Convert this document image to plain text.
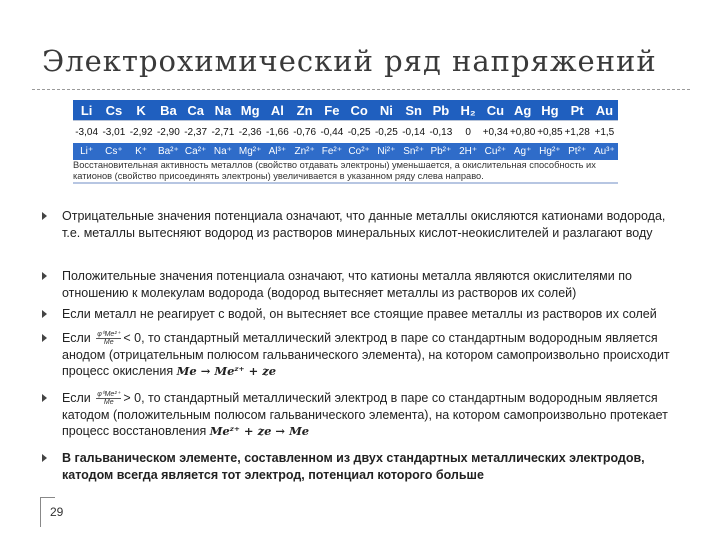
Электрохимический ряд напряжений
Li	Cs	K	Ba	Ca	Na	Mg	Al	Zn	Fe	Co	Ni	Sn	Pb	H₂	Cu	Ag	Hg	Pt	Au
-3,04	-3,01	-2,92	-2,90	-2,37	-2,71	-2,36	-1,66	-0,76	-0,44	-0,25	-0,25	-0,14	-0,13	0	+0,34	+0,80	+0,85	+1,28	+1,5
Li⁺	Cs⁺	K⁺	Ba²⁺	Ca²⁺	Na⁺	Mg²⁺	Al³⁺	Zn²⁺	Fe²⁺	Co²⁺	Ni²⁺	Sn²⁺	Pb²⁺	2H⁺	Cu²⁺	Ag⁺	Hg²⁺	Pt²⁺	Au³⁺
Восстановительная активность металлов (свойство отдавать электроны) уменьшается, а окислительная способность их катионов (свойство присоединять электроны) увеличивается в указанном ряду слева направо.																			
Отрицательные значения потенциала означают, что данные металлы окисляются катионами водорода, т.е. металлы вытесняют водород из растворов минеральных кислот-неокислителей и разлагают воду
Положительные значения потенциала означают, что катионы металла являются окислителями по отношению к молекулам водорода (водород вытесняет металлы из растворов их солей)
Если металл не реагирует с водой, он вытесняет все стоящие правее металлы из растворов их солей
Если $\frac{\text{φ⁰Me²⁺}}{Me} < 0$, то стандартный металлический электрод в паре со стандартным водородным является анодом (отрицательным полюсом гальванического элемента), на котором самопроизвольно происходит процесс окисления Me → Meᶻ⁺ + ze
Если $\frac{\text{φ⁰Me²⁺}}{Me} > 0$, то стандартный металлический электрод в паре со стандартным водородным является катодом (положительным полюсом гальванического элемента), на котором самопроизвольно протекает процесс восстановления Meᶻ⁺ + ze → Me
В гальваническом элементе, составленном из двух стандартных металлических электродов, катодом всегда является тот электрод, потенциал которого больше
29
